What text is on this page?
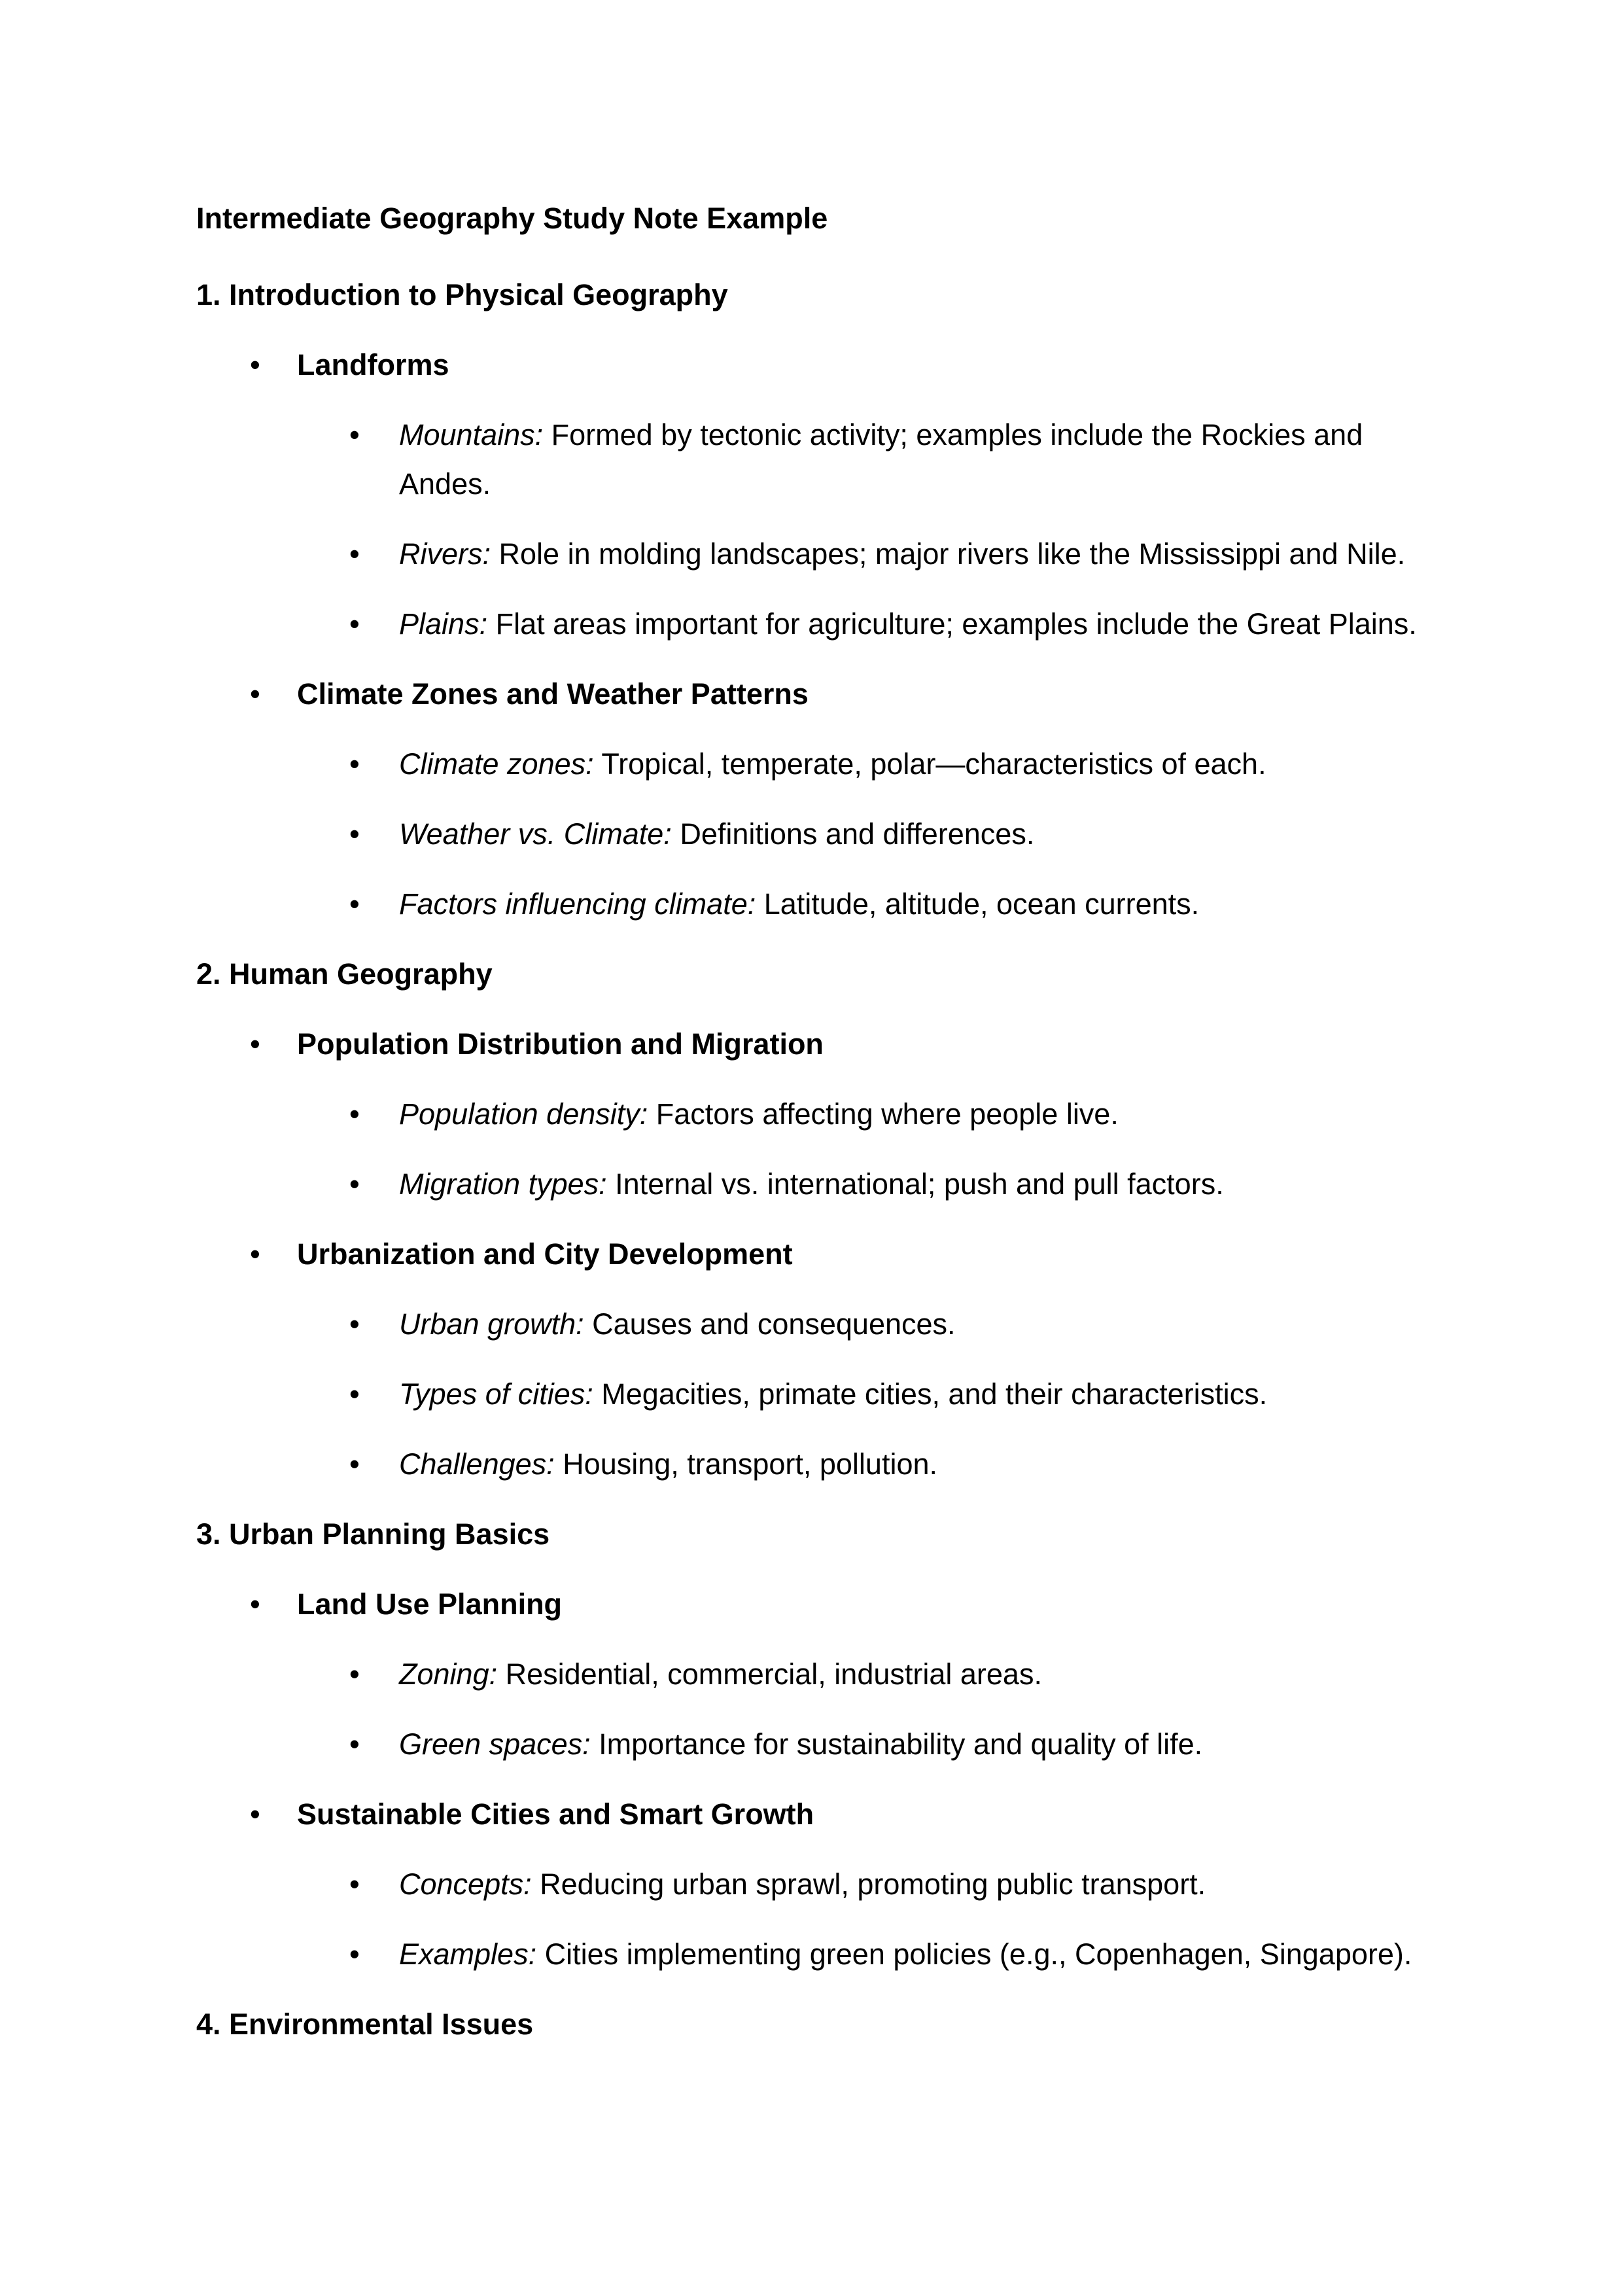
Intermediate Geography Study Note Example

1. Introduction to Physical Geography

•	Landforms
•	Mountains: Formed by tectonic activity; examples include the Rockies and
Andes.
•	Rivers: Role in molding landscapes; major rivers like the Mississippi and Nile.
•	Plains: Flat areas important for agriculture; examples include the Great Plains.
•	Climate Zones and Weather Patterns
•	Climate zones: Tropical, temperate, polar—characteristics of each.
•	Weather vs. Climate: Definitions and differences.
•	Factors influencing climate: Latitude, altitude, ocean currents.

2. Human Geography

•	Population Distribution and Migration
•	Population density: Factors affecting where people live.
•	Migration types: Internal vs. international; push and pull factors.
•	Urbanization and City Development
•	Urban growth: Causes and consequences.
•	Types of cities: Megacities, primate cities, and their characteristics.
•	Challenges: Housing, transport, pollution.

3. Urban Planning Basics

•	Land Use Planning
•	Zoning: Residential, commercial, industrial areas.
•	Green spaces: Importance for sustainability and quality of life.
•	Sustainable Cities and Smart Growth
•	Concepts: Reducing urban sprawl, promoting public transport.
•	Examples: Cities implementing green policies (e.g., Copenhagen, Singapore).

4. Environmental Issues
